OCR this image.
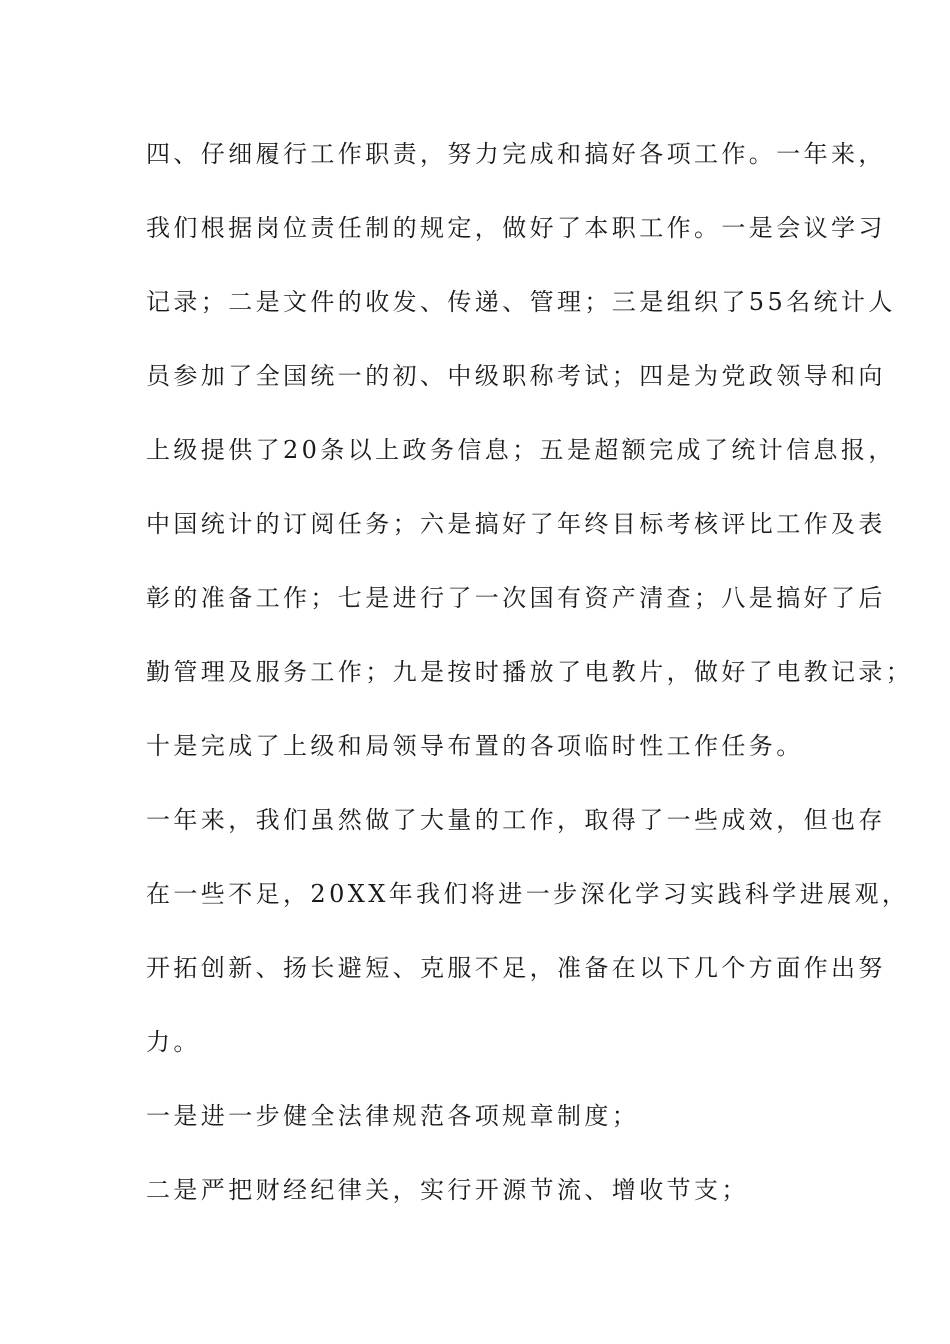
四、仔细履行工作职责，努力完成和搞好各项工作。一年来，
我们根据岗位责任制的规定，做好了本职工作。一是会议学习
记录；二是文件的收发、传递、管理；三是组织了55名统计人
员参加了全国统一的初、中级职称考试；四是为党政领导和向
上级提供了20条以上政务信息；五是超额完成了统计信息报，
中国统计的订阅任务；六是搞好了年终目标考核评比工作及表
彰的准备工作；七是进行了一次国有资产清查；八是搞好了后
勤管理及服务工作；九是按时播放了电教片，做好了电教记录；
十是完成了上级和局领导布置的各项临时性工作任务。
一年来，我们虽然做了大量的工作，取得了一些成效，但也存
在一些不足，20XX年我们将进一步深化学习实践科学进展观，
开拓创新、扬长避短、克服不足，准备在以下几个方面作出努
力。
一是进一步健全法律规范各项规章制度；
二是严把财经纪律关，实行开源节流、增收节支；
